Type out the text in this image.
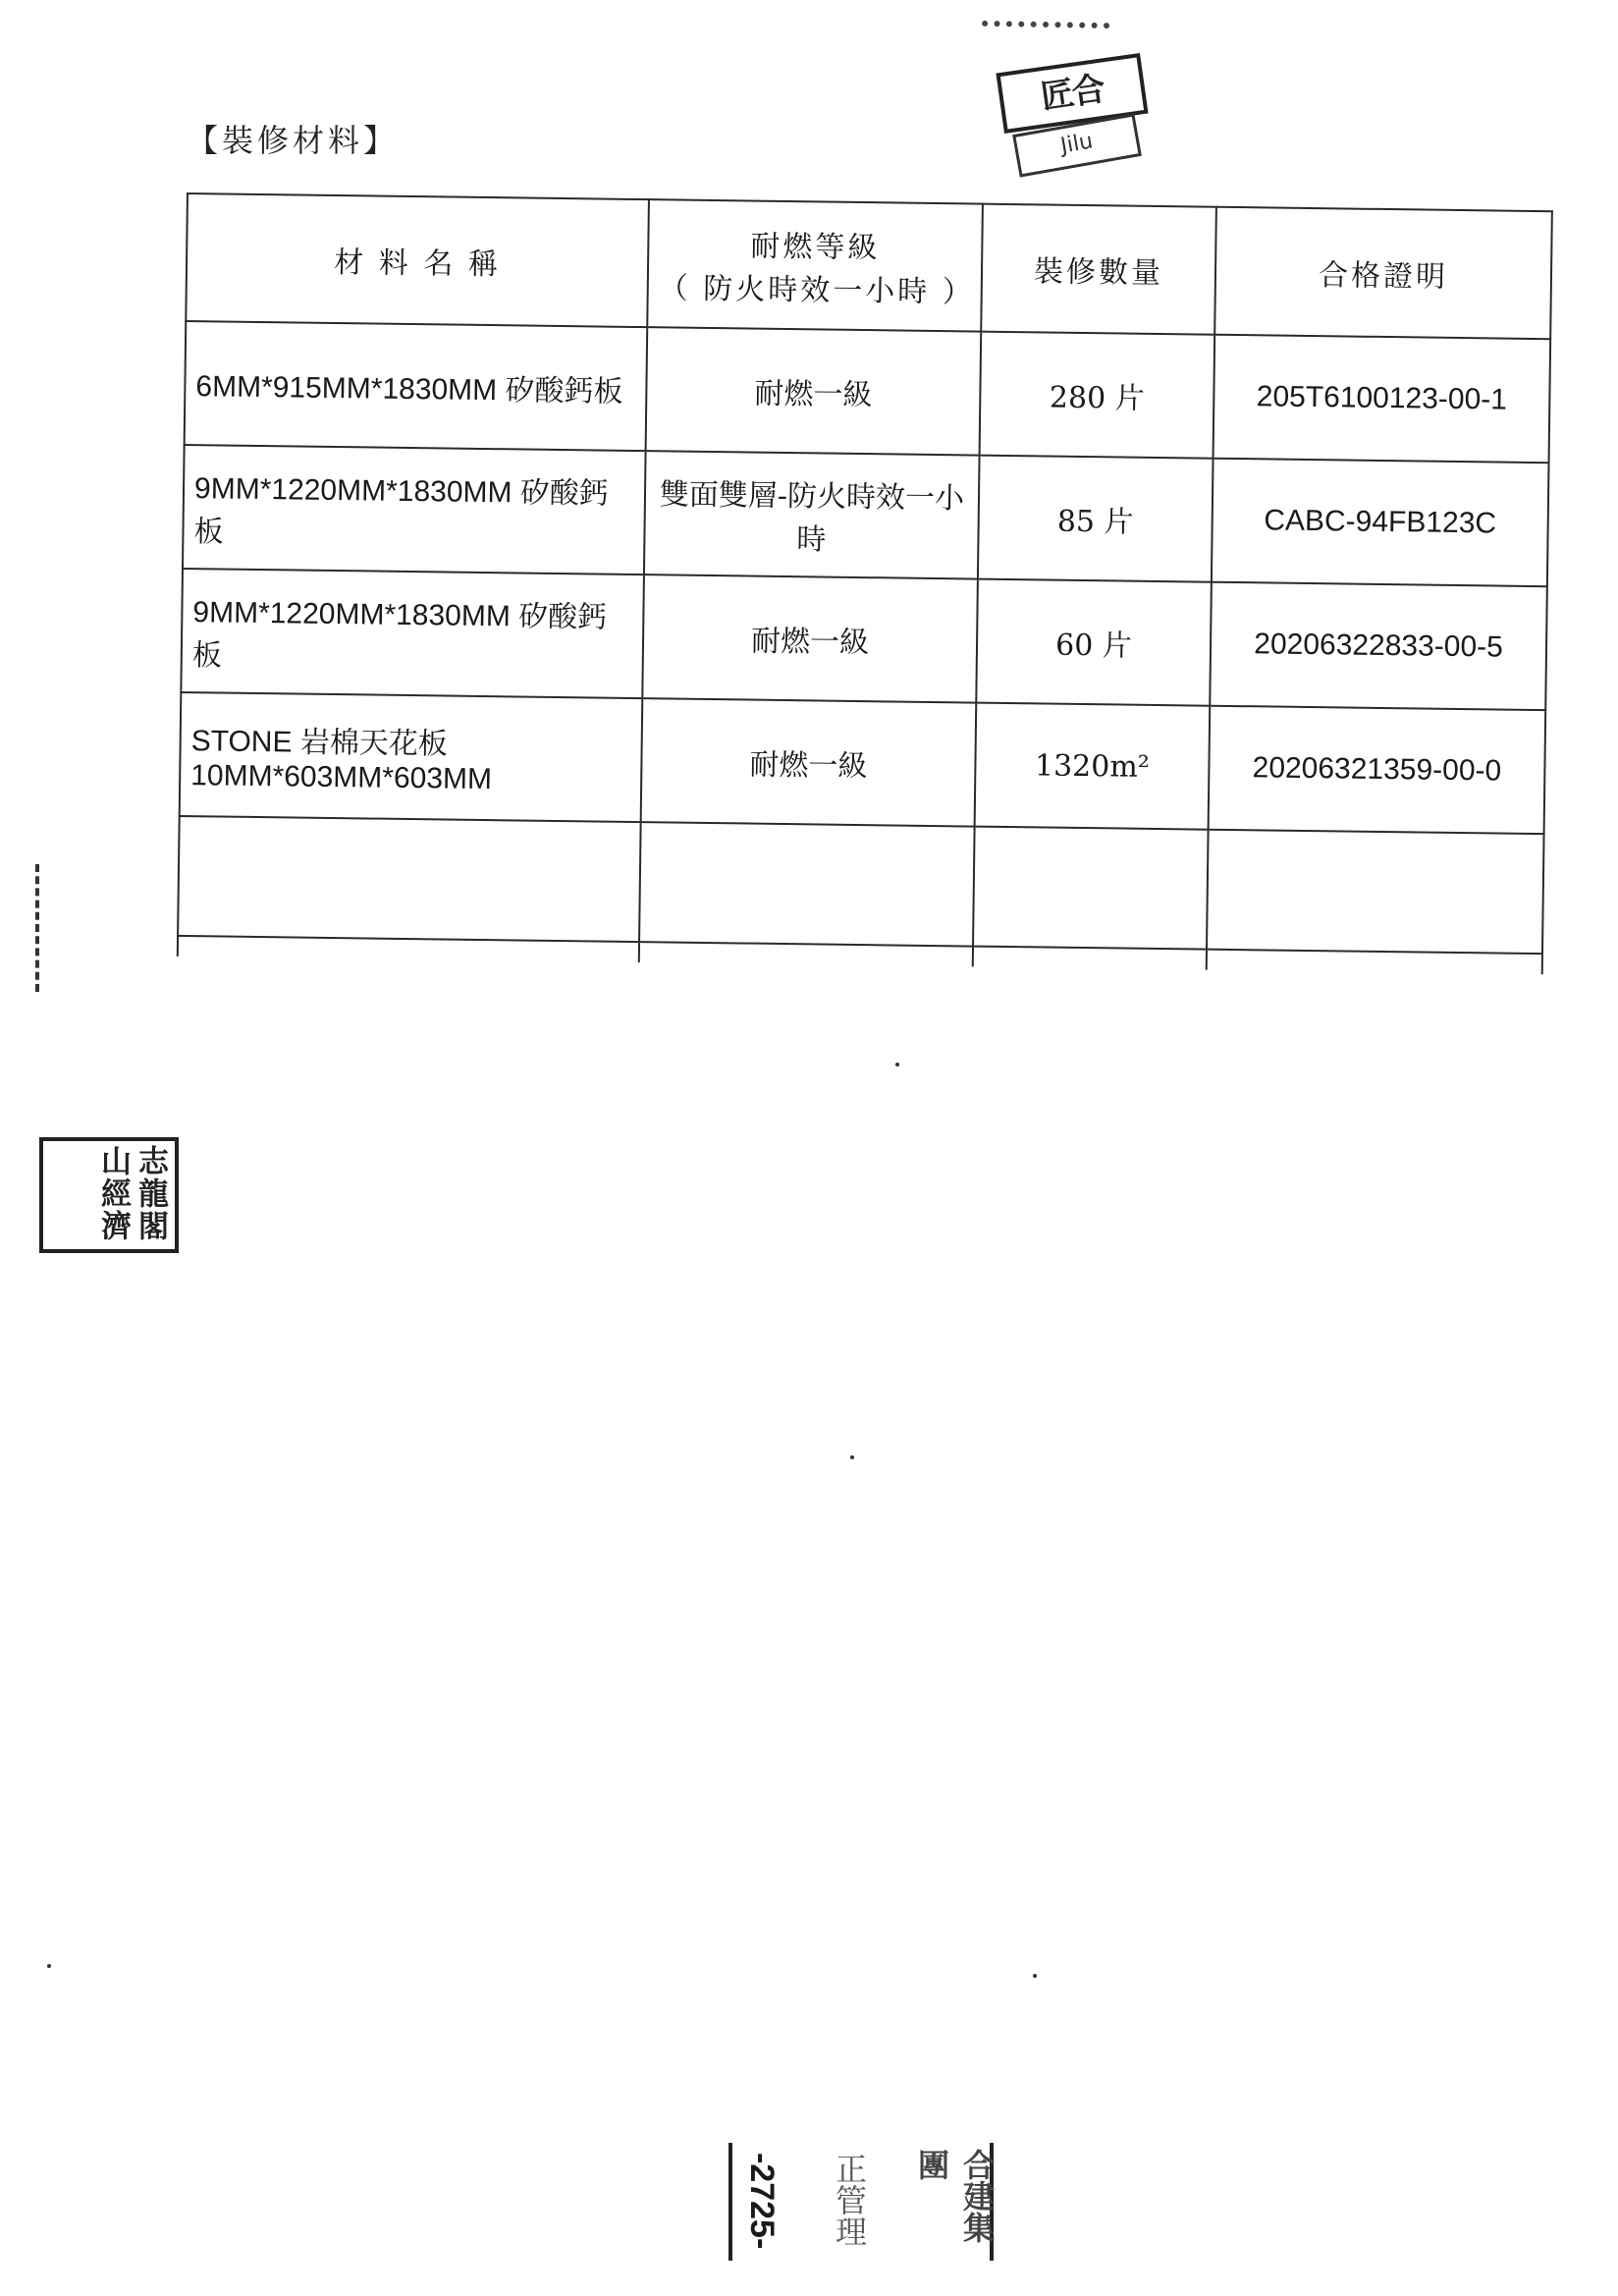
【裝修材料】
材 料 名 稱	耐燃等級
（ 防火時效一小時 ）	裝修數量	合格證明
6MM*915MM*1830MM 矽酸鈣板	耐燃一級	280 片	205T6100123-00-1
9MM*1220MM*1830MM 矽酸鈣板	雙面雙層-防火時效一小時	85 片	CABC-94FB123C
9MM*1220MM*1830MM 矽酸鈣板	耐燃一級	60 片	20206322833-00-5

STONE 岩棉天花板
10MM*603MM*603MM	耐燃一級	1320m²	20206321359-00-0

匠合
Jilu
志龍閣山經濟
-2725- 正管理	合建集團
